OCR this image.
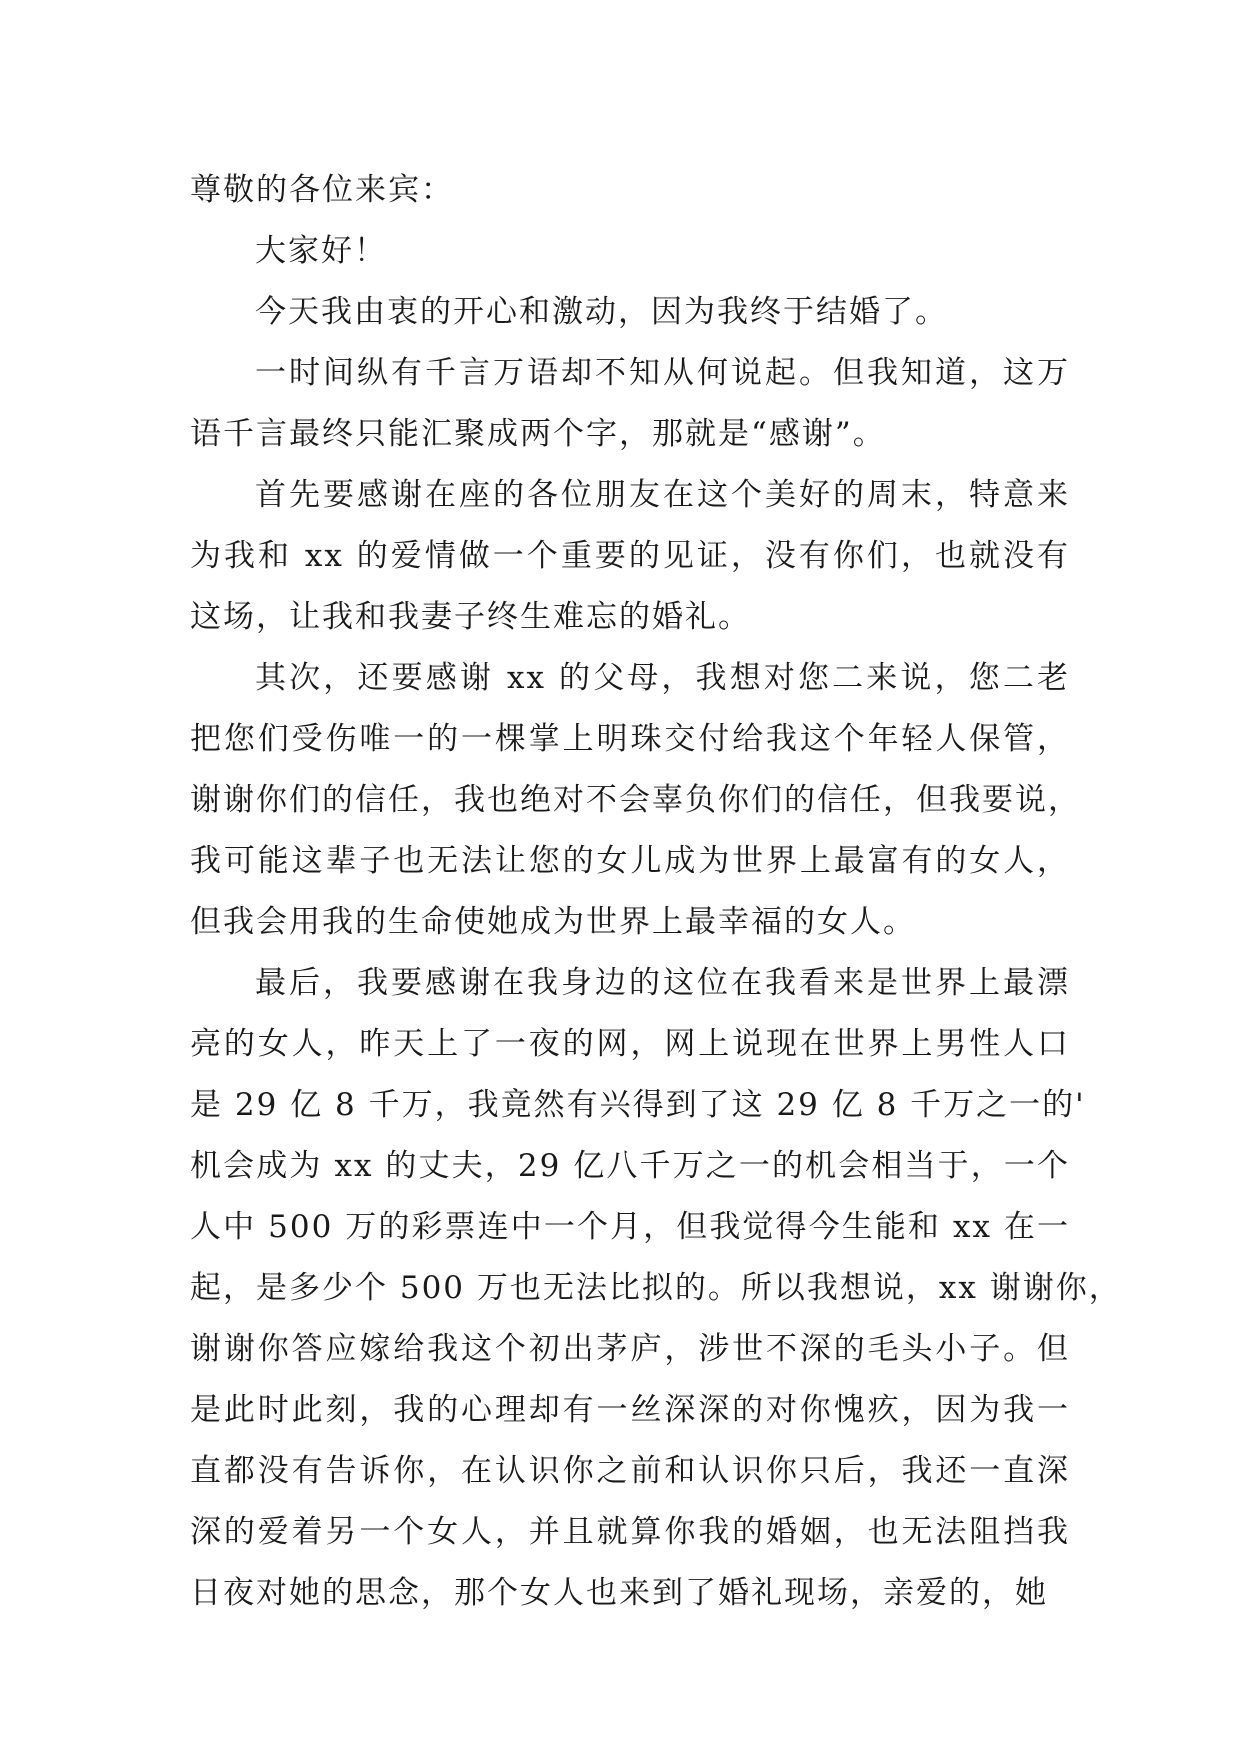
尊敬的各位来宾：

大家好！

今天我由衷的开心和激动，因为我终于结婚了。

一时间纵有千言万语却不知从何说起。但我知道，这万
语千言最终只能汇聚成两个字，那就是“感谢”。

首先要感谢在座的各位朋友在这个美好的周末，特意来
为我和 xx 的爱情做一个重要的见证，没有你们，也就没有
这场，让我和我妻子终生难忘的婚礼。

其次，还要感谢 xx 的父母，我想对您二来说，您二老
把您们受伤唯一的一棵掌上明珠交付给我这个年轻人保管，
谢谢你们的信任，我也绝对不会辜负你们的信任，但我要说，
我可能这辈子也无法让您的女儿成为世界上最富有的女人，
但我会用我的生命使她成为世界上最幸福的女人。

最后，我要感谢在我身边的这位在我看来是世界上最漂
亮的女人，昨天上了一夜的网，网上说现在世界上男性人口
是 29 亿 8 千万，我竟然有兴得到了这 29 亿 8 千万之一的'
机会成为 xx 的丈夫，29 亿八千万之一的机会相当于，一个
人中 500 万的彩票连中一个月，但我觉得今生能和 xx 在一
起，是多少个 500 万也无法比拟的。所以我想说，xx 谢谢你，
谢谢你答应嫁给我这个初出茅庐，涉世不深的毛头小子。但
是此时此刻，我的心理却有一丝深深的对你愧疚，因为我一
直都没有告诉你，在认识你之前和认识你只后，我还一直深
深的爱着另一个女人，并且就算你我的婚姻，也无法阻挡我
日夜对她的思念，那个女人也来到了婚礼现场，亲爱的，她
